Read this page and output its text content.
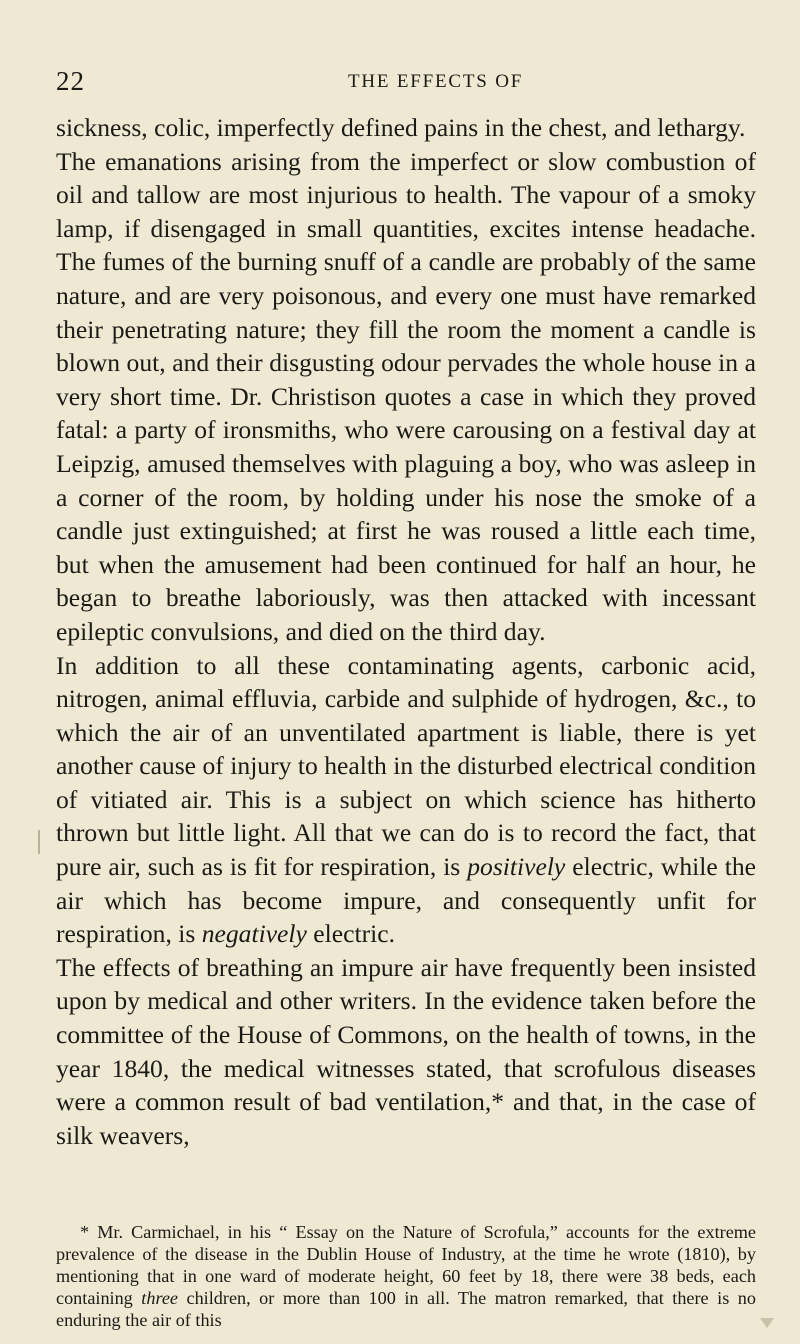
22	THE EFFECTS OF

sickness, colic, imperfectly defined pains in the chest, and lethargy.

The emanations arising from the imperfect or slow combustion of oil and tallow are most injurious to health. The vapour of a smoky lamp, if disengaged in small quantities, excites intense headache. The fumes of the burning snuff of a candle are probably of the same nature, and are very poisonous, and every one must have remarked their penetrating nature; they fill the room the moment a candle is blown out, and their disgusting odour pervades the whole house in a very short time. Dr. Christison quotes a case in which they proved fatal: a party of ironsmiths, who were carousing on a festival day at Leipzig, amused themselves with plaguing a boy, who was asleep in a corner of the room, by holding under his nose the smoke of a candle just extinguished; at first he was roused a little each time, but when the amusement had been continued for half an hour, he began to breathe laboriously, was then attacked with incessant epileptic convulsions, and died on the third day.

In addition to all these contaminating agents, carbonic acid, nitrogen, animal effluvia, carbide and sulphide of hydrogen, &c., to which the air of an unventilated apartment is liable, there is yet another cause of injury to health in the disturbed electrical condition of vitiated air. This is a subject on which science has hitherto thrown but little light. All that we can do is to record the fact, that pure air, such as is fit for respiration, is positively electric, while the air which has become impure, and consequently unfit for respiration, is negatively electric.

The effects of breathing an impure air have frequently been insisted upon by medical and other writers. In the evidence taken before the committee of the House of Commons, on the health of towns, in the year 1840, the medical witnesses stated, that scrofulous diseases were a common result of bad ventilation,* and that, in the case of silk weavers,

* Mr. Carmichael, in his “ Essay on the Nature of Scrofula,” accounts for the extreme prevalence of the disease in the Dublin House of Industry, at the time he wrote (1810), by mentioning that in one ward of moderate height, 60 feet by 18, there were 38 beds, each containing three children, or more than 100 in all. The matron remarked, that there is no enduring the air of this
